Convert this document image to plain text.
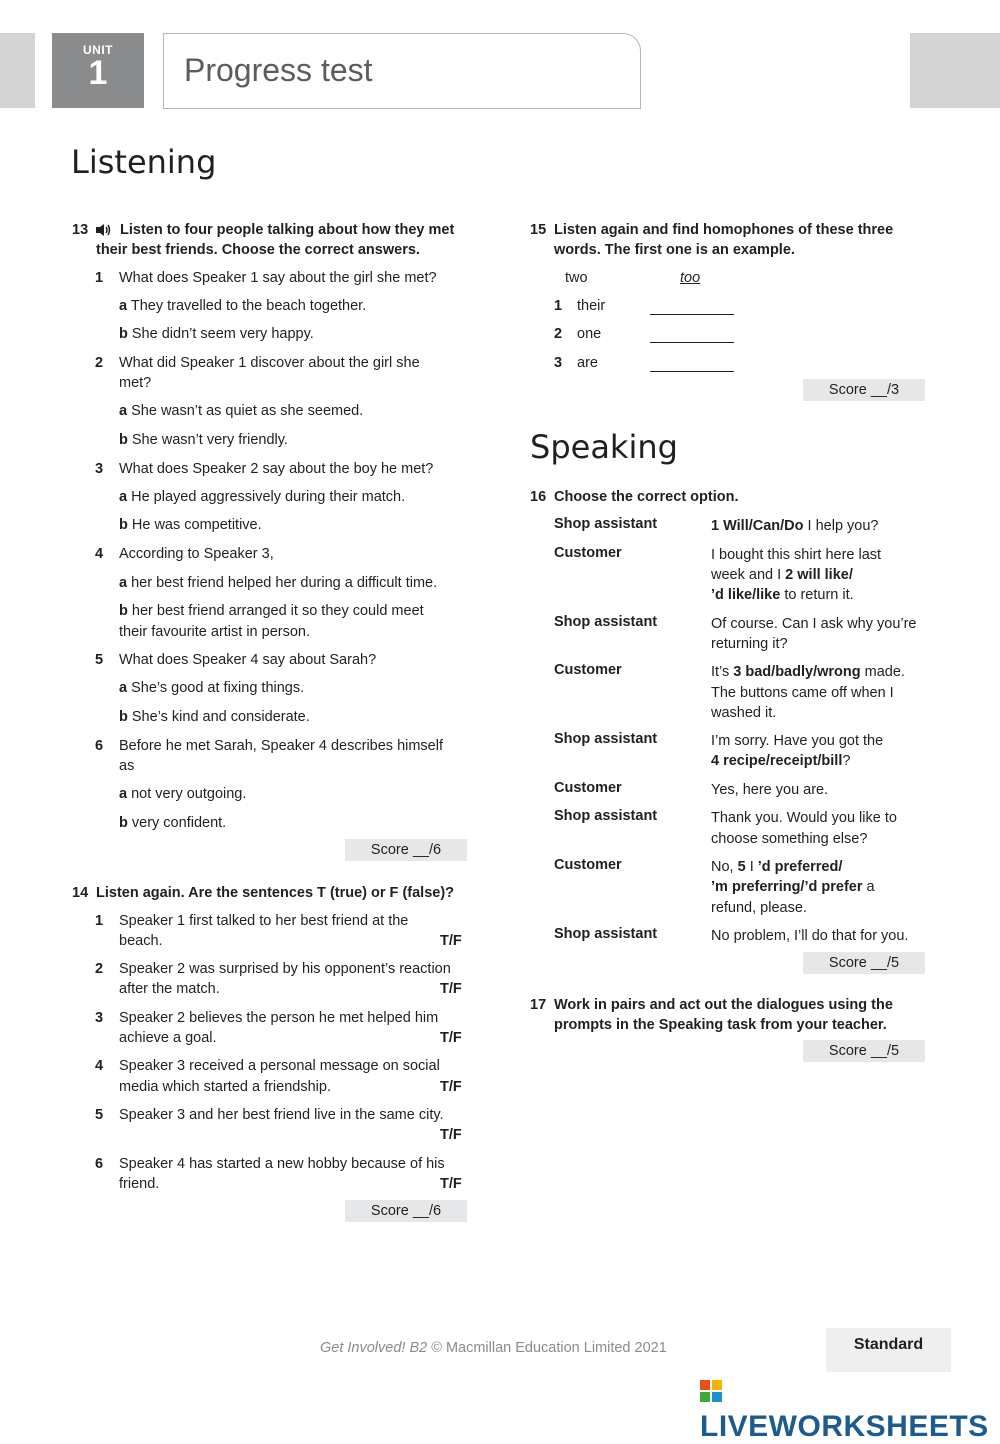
UNIT
1	Progress test
Listening
13 Listen to four people talking about how they met
their best friends. Choose the correct answers.
1 What does Speaker 1 say about the girl she met?
a They travelled to the beach together.
b She didn’t seem very happy.
2 What did Speaker 1 discover about the girl she
met?
a She wasn’t as quiet as she seemed.
b She wasn’t very friendly.
3 What does Speaker 2 say about the boy he met?
a He played aggressively during their match.
b He was competitive.
4 According to Speaker 3,
a her best friend helped her during a difficult time.
b her best friend arranged it so they could meet
their favourite artist in person.
5 What does Speaker 4 say about Sarah?
a She’s good at fixing things.
b She’s kind and considerate.
6 Before he met Sarah, Speaker 4 describes himself
as
a not very outgoing.
b very confident.
Score __/6
14 Listen again. Are the sentences T (true) or F (false)?
1 Speaker 1 first talked to her best friend at the
beach.	T/F
2 Speaker 2 was surprised by his opponent’s reaction
after the match.	T/F
3 Speaker 2 believes the person he met helped him
achieve a goal.	T/F
4 Speaker 3 received a personal message on social
media which started a friendship.	T/F
5 Speaker 3 and her best friend live in the same city.
T/F
6 Speaker 4 has started a new hobby because of his
friend.	T/F
Score __/6
15 Listen again and find homophones of these three
words. The first one is an example.
two	too
1 their
2 one
3 are
Score __/3
Speaking
16 Choose the correct option.
Shop assistant	1 Will/Can/Do I help you?
Customer	I bought this shirt here last
week and I 2 will like/
’d like/like to return it.
Shop assistant	Of course. Can I ask why you’re
returning it?
Customer	It’s 3 bad/badly/wrong made.
The buttons came off when I
washed it.
Shop assistant	I’m sorry. Have you got the
4 recipe/receipt/bill?
Customer	Yes, here you are.
Shop assistant	Thank you. Would you like to
choose something else?
Customer	No, 5 I ’d preferred/
’m preferring/’d prefer a
refund, please.
Shop assistant	No problem, I’ll do that for you.
Score __/5
17 Work in pairs and act out the dialogues using the
prompts in the Speaking task from your teacher.
Score __/5
Get Involved! B2 © Macmillan Education Limited 2021	Standard
LIVEWORKSHEETS
